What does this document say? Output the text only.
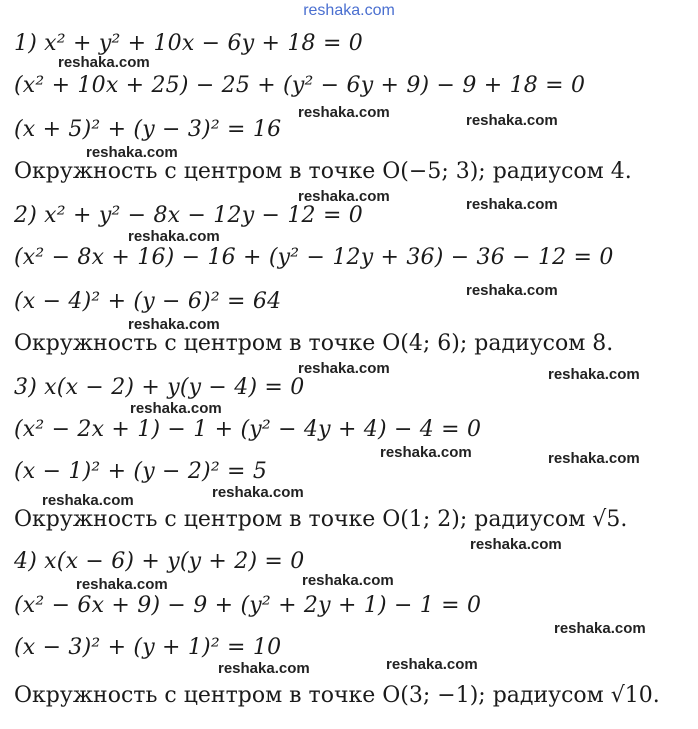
reshaka.com
1) x² + y² + 10x − 6y + 18 = 0
(x² + 10x + 25) − 25 + (y² − 6y + 9) − 9 + 18 = 0
(x + 5)² + (y − 3)² = 16
Окружность с центром в точке O(−5; 3); радиусом 4.
2) x² + y² − 8x − 12y − 12 = 0
(x² − 8x + 16) − 16 + (y² − 12y + 36) − 36 − 12 = 0
(x − 4)² + (y − 6)² = 64
Окружность с центром в точке O(4; 6); радиусом 8.
3) x(x − 2) + y(y − 4) = 0
(x² − 2x + 1) − 1 + (y² − 4y + 4) − 4 = 0
(x − 1)² + (y − 2)² = 5
Окружность с центром в точке O(1; 2); радиусом √5.
4) x(x − 6) + y(y + 2) = 0
(x² − 6x + 9) − 9 + (y² + 2y + 1) − 1 = 0
(x − 3)² + (y + 1)² = 10
Окружность с центром в точке O(3; −1); радиусом √10.
reshaka.com
reshaka.com	reshaka.com
reshaka.com
reshaka.com	reshaka.com
reshaka.com
reshaka.com
reshaka.com
reshaka.com	reshaka.com
reshaka.com
reshaka.com	reshaka.com
reshaka.com
reshaka.com
reshaka.com
reshaka.com
reshaka.com
reshaka.com
reshaka.com
reshaka.com
